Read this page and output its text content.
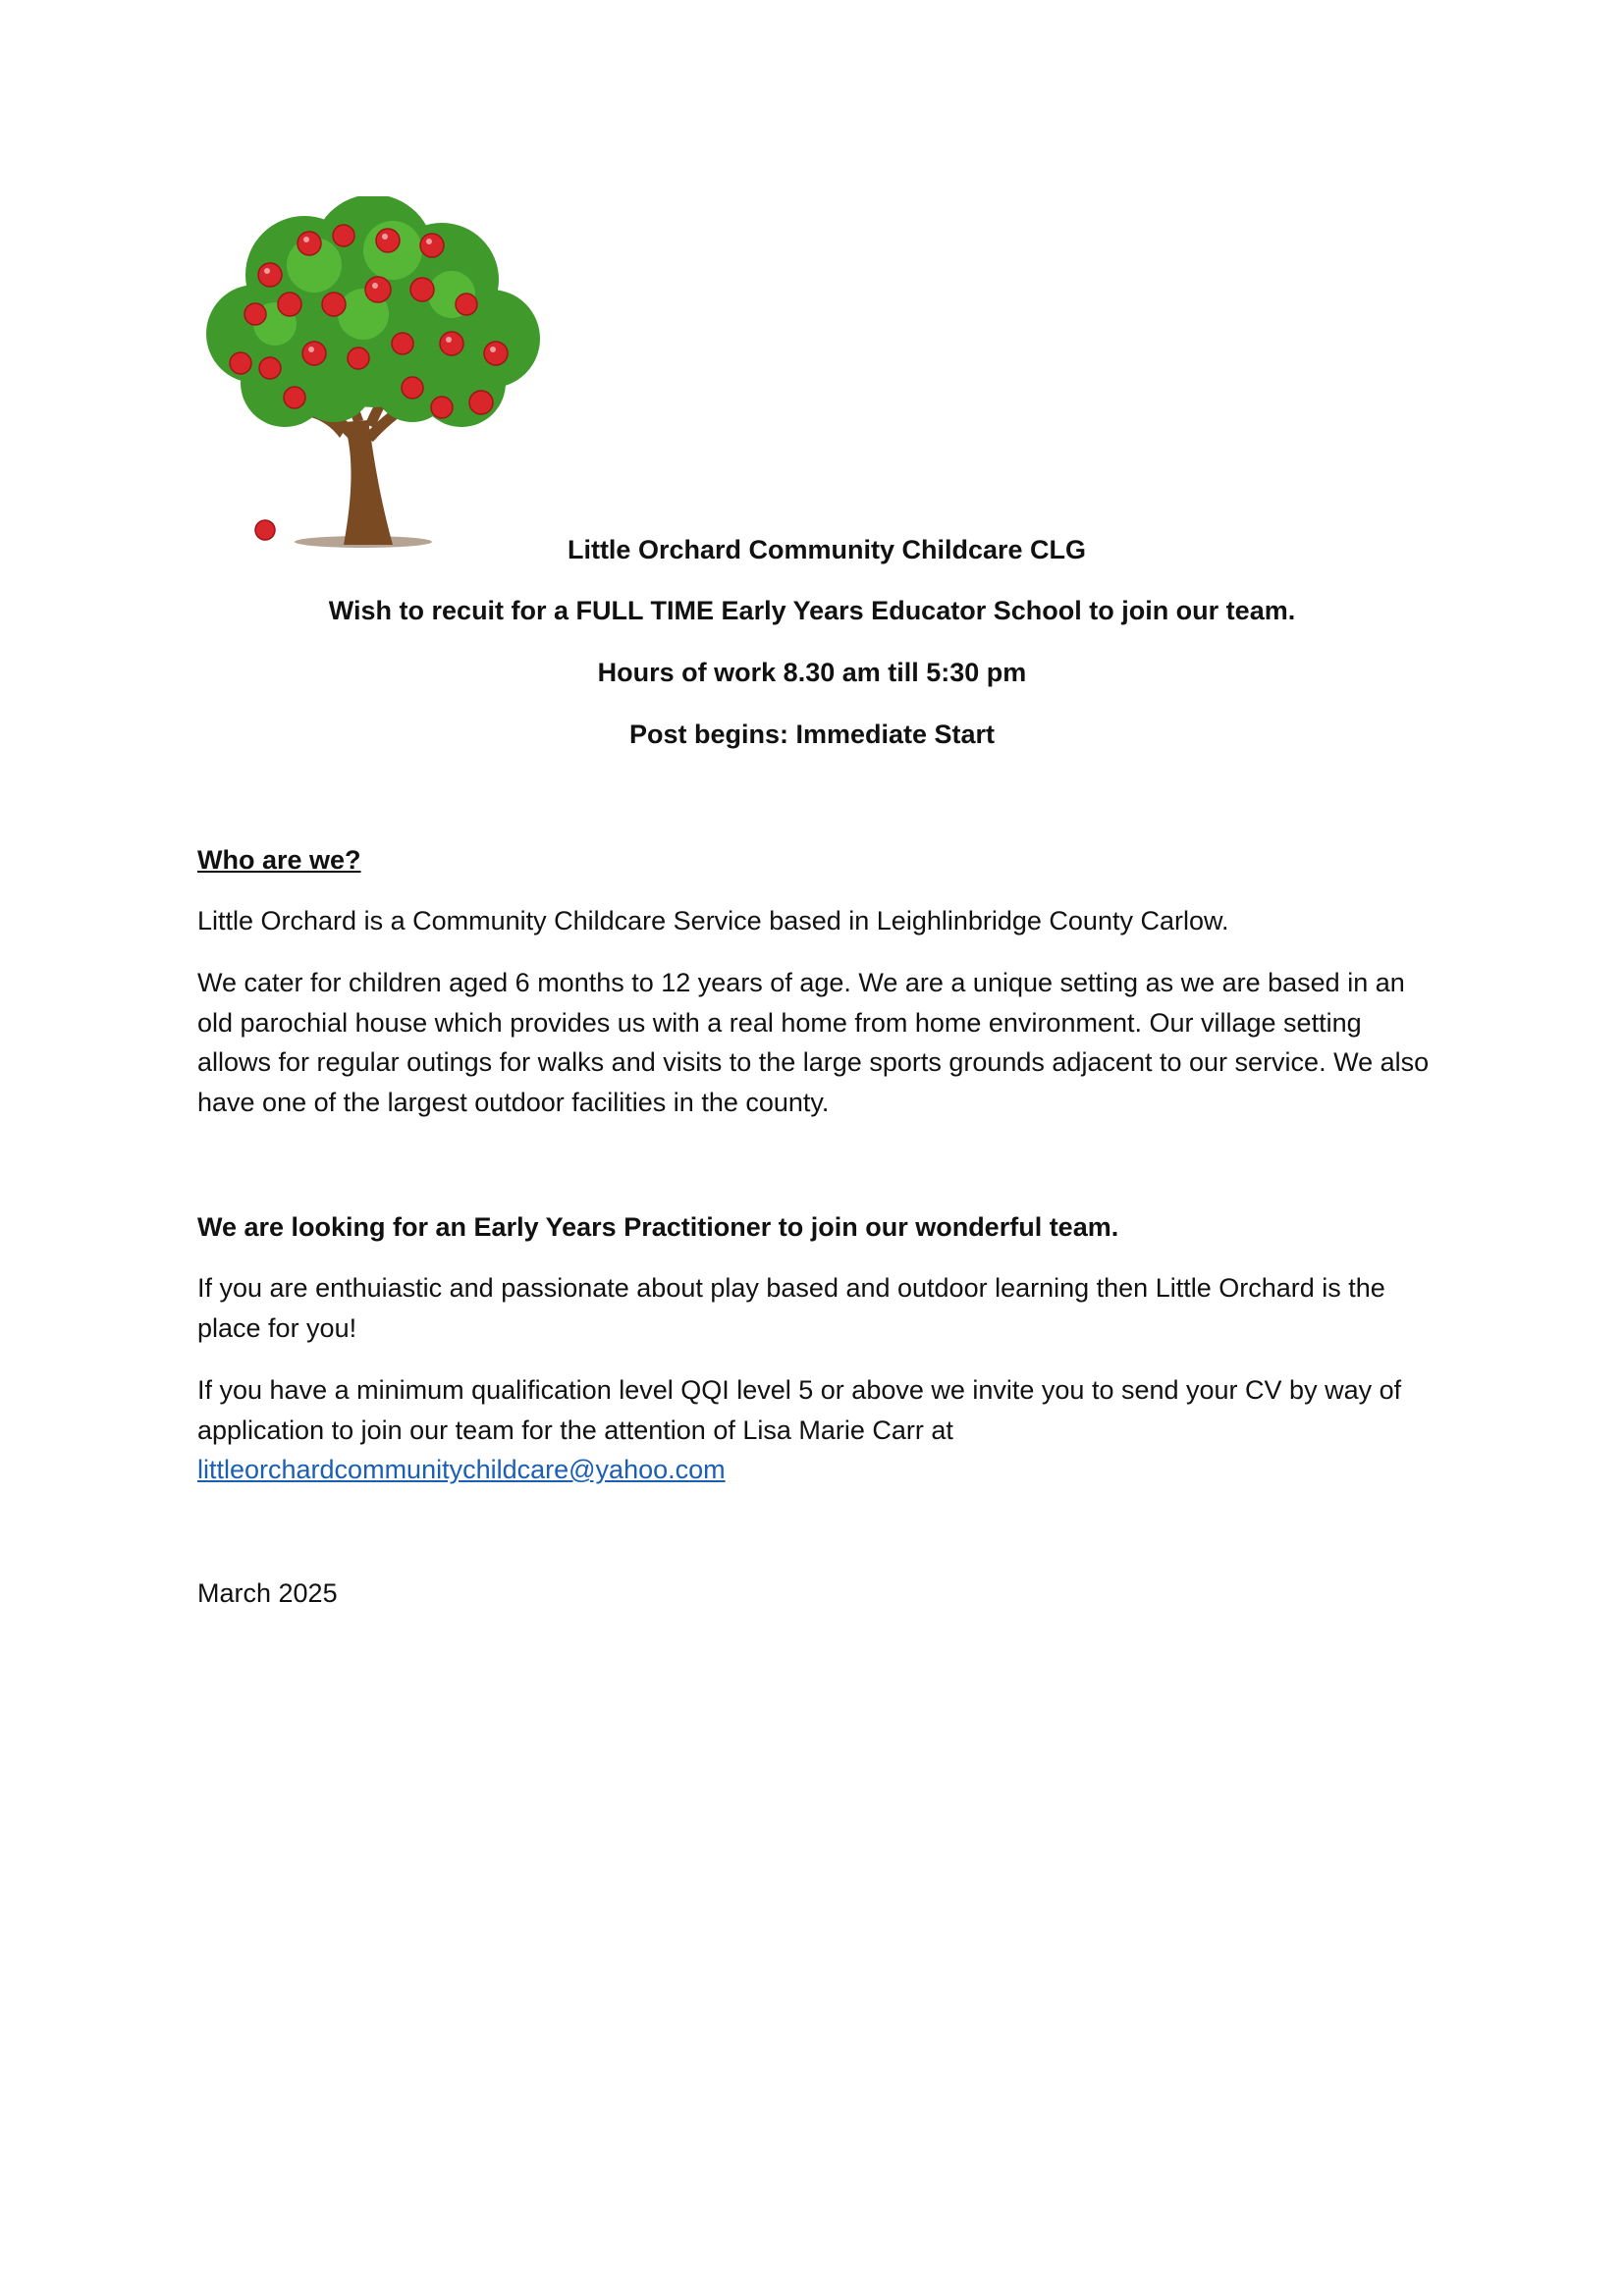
Little Orchard Community Childcare CLG
Wish to recuit for a FULL TIME Early Years Educator School to join our team.
Hours of work 8.30 am till 5:30 pm
Post begins: Immediate Start
Who are we?
Little Orchard is a Community Childcare Service based in Leighlinbridge County Carlow.
We cater for children aged 6 months to 12 years of age. We are a unique setting as we are based in an old parochial house which provides us with a real home from home environment. Our village setting allows for regular outings for walks and visits to the large sports grounds adjacent to our service. We also have one of the largest outdoor facilities in the county.
We are looking for an Early Years Practitioner to join our wonderful team.
If you are enthuiastic and passionate about play based and outdoor learning then Little Orchard is the place for you!
If you have a minimum qualification level QQI level 5 or above we invite you to send your CV by way of application to join our team for the attention of Lisa Marie Carr at
littleorchardcommunitychildcare@yahoo.com
March 2025
